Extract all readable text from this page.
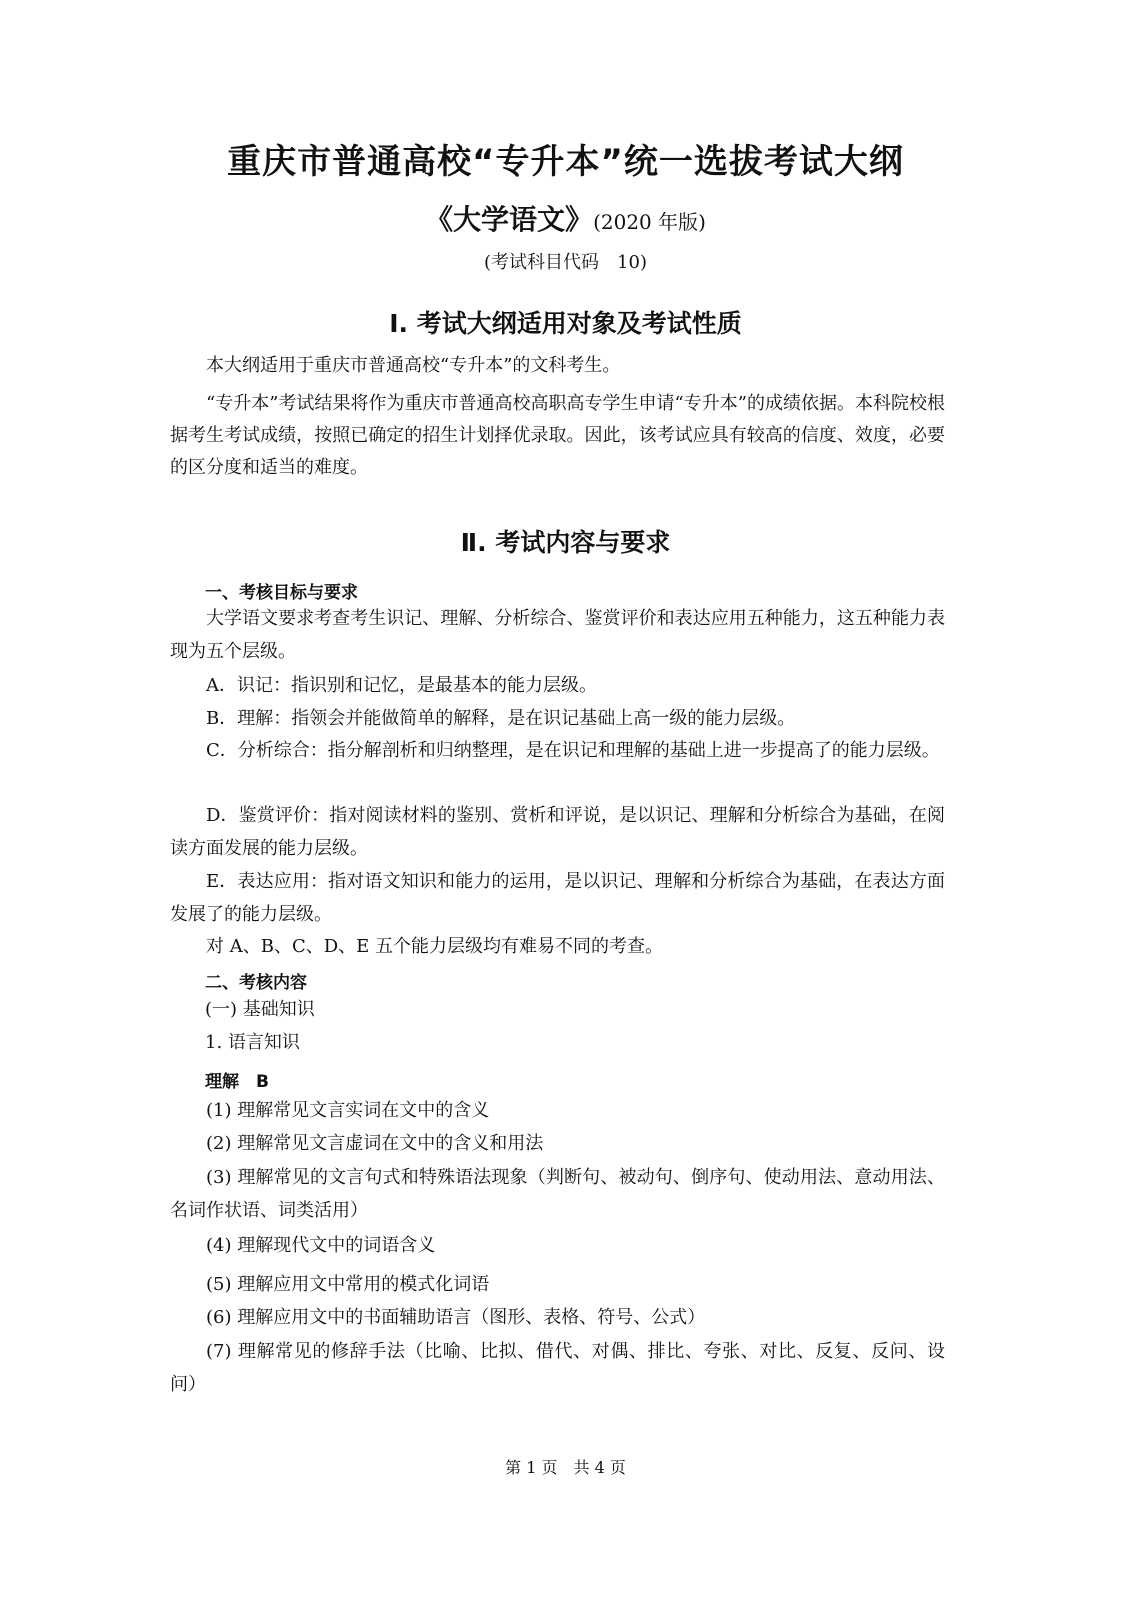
重庆市普通高校“专升本”统一选拔考试大纲
《大学语文》(2020 年版)
(考试科目代码　10)
Ⅰ. 考试大纲适用对象及考试性质
本大纲适用于重庆市普通高校“专升本”的文科考生。
“专升本”考试结果将作为重庆市普通高校高职高专学生申请“专升本”的成绩依据。本科院校根据考生考试成绩，按照已确定的招生计划择优录取。因此，该考试应具有较高的信度、效度，必要的区分度和适当的难度。
Ⅱ. 考试内容与要求
一、考核目标与要求
大学语文要求考查考生识记、理解、分析综合、鉴赏评价和表达应用五种能力，这五种能力表现为五个层级。
A．识记：指识别和记忆，是最基本的能力层级。
B．理解：指领会并能做简单的解释，是在识记基础上高一级的能力层级。
C．分析综合：指分解剖析和归纳整理，是在识记和理解的基础上进一步提高了的能力层级。
D．鉴赏评价：指对阅读材料的鉴别、赏析和评说，是以识记、理解和分析综合为基础，在阅读方面发展的能力层级。
E．表达应用：指对语文知识和能力的运用，是以识记、理解和分析综合为基础，在表达方面发展了的能力层级。
对 A、B、C、D、E 五个能力层级均有难易不同的考查。
二、考核内容
(一) 基础知识
1. 语言知识
理解　B
(1) 理解常见文言实词在文中的含义
(2) 理解常见文言虚词在文中的含义和用法
(3) 理解常见的文言句式和特殊语法现象（判断句、被动句、倒序句、使动用法、意动用法、名词作状语、词类活用）
(4) 理解现代文中的词语含义
(5) 理解应用文中常用的模式化词语
(6) 理解应用文中的书面辅助语言（图形、表格、符号、公式）
(7) 理解常见的修辞手法（比喻、比拟、借代、对偶、排比、夸张、对比、反复、反问、设问）
第 1 页　共 4 页
